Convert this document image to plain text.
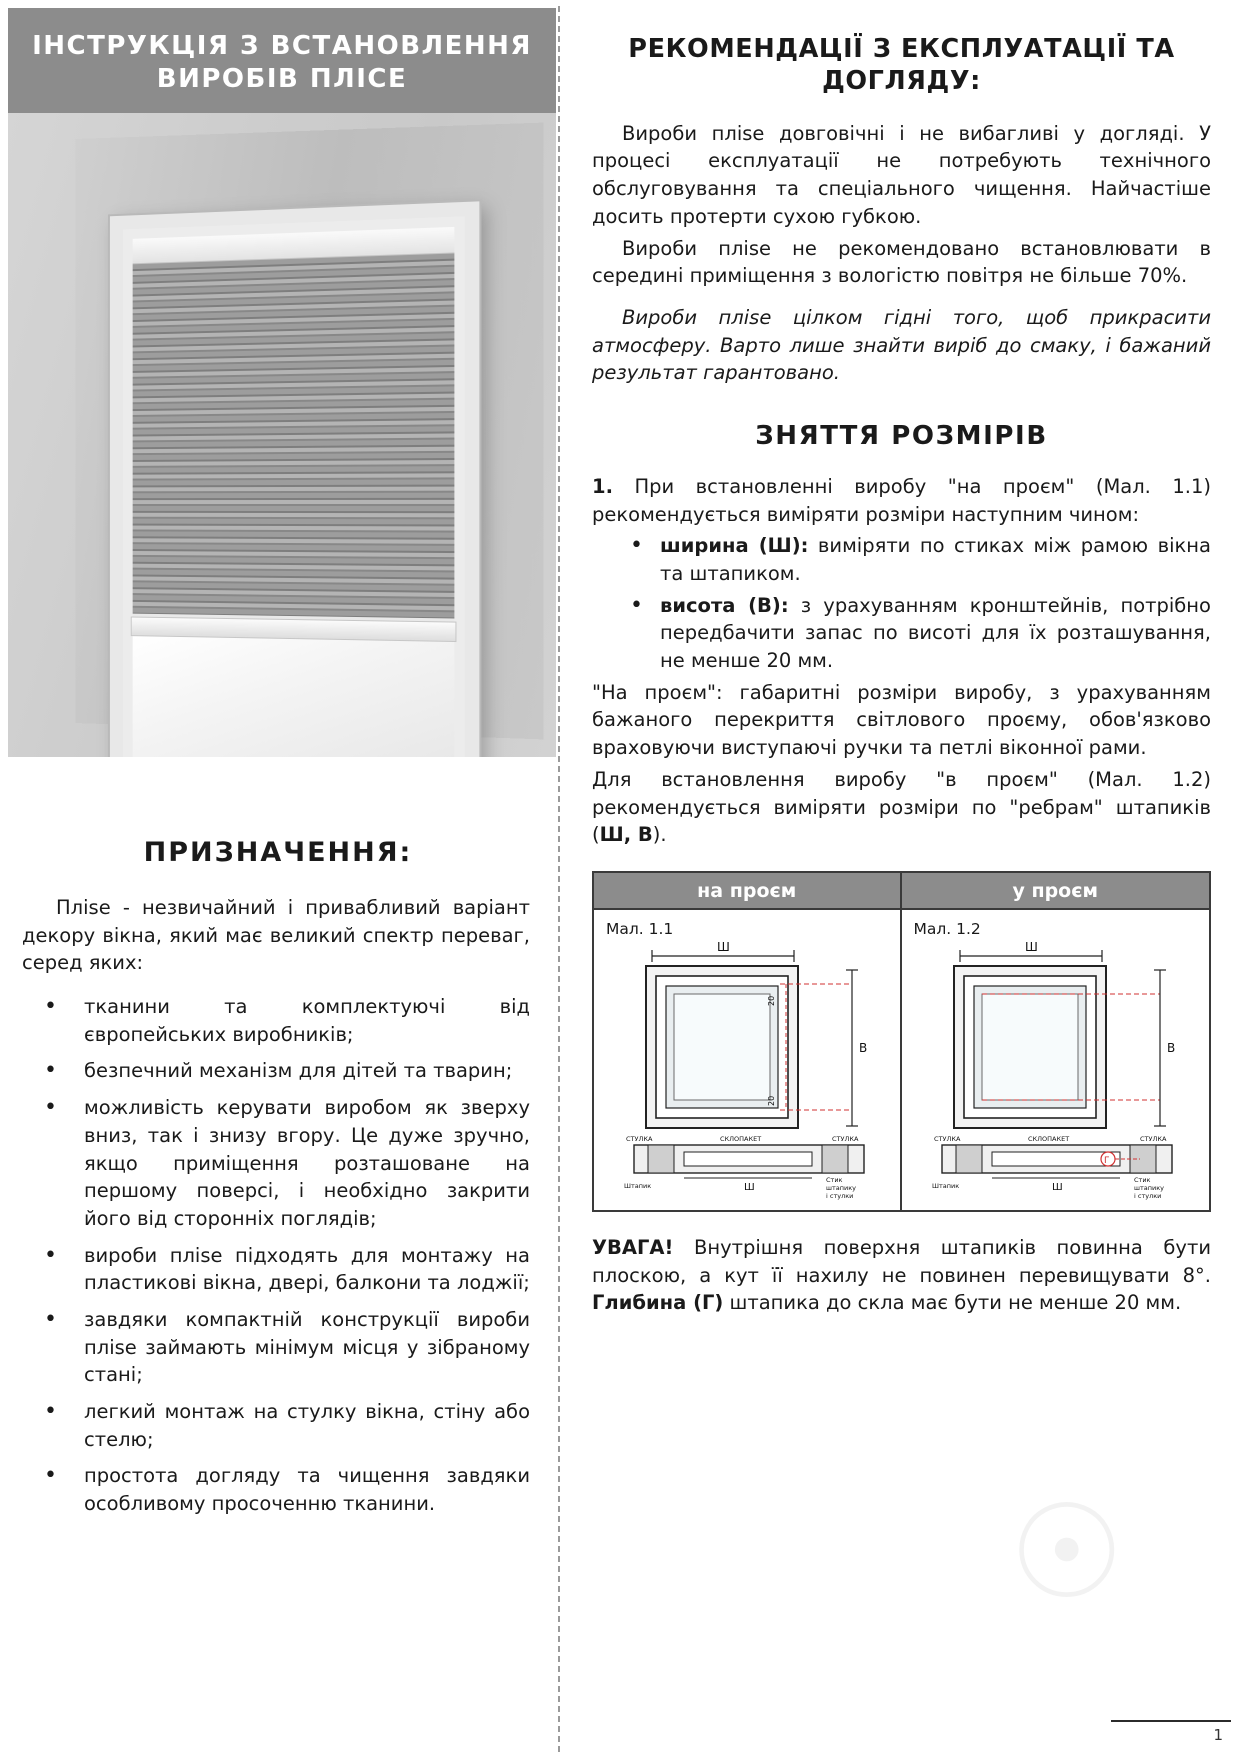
ІНСТРУКЦІЯ З ВСТАНОВЛЕННЯ ВИРОБІВ ПЛІСЕ
ПРИЗНАЧЕННЯ:

Пліse - незвичайний і привабливий варіант декору вікна, який має великий спектр переваг, серед яких:

• тканини та комплектуючі від європейських виробників;
• безпечний механізм для дітей та тварин;
• можливість керувати виробом як зверху вниз, так і знизу вгору. Це дуже зручно, якщо приміщення розташоване на першому поверсі, і необхідно закрити його від сторонніх поглядів;
• вироби пліse підходять для монтажу на пластикові вікна, двері, балкони та лоджії;
• завдяки компактній конструкції вироби пліse займають мінімум місця у зібраному стані;
• легкий монтаж на стулку вікна, стіну або стелю;
• простота догляду та чищення завдяки особливому просоченню тканини.
РЕКОМЕНДАЦІЇ З ЕКСПЛУАТАЦІЇ ТА ДОГЛЯДУ:

Вироби пліse довговічні і не вибагливі у догляді. У процесі експлуатації не потребують технічного обслуговування та спеціального чищення. Найчастіше досить протерти сухою губкою.

Вироби пліse не рекомендовано встановлювати в середині приміщення з вологістю повітря не більше 70%.

Вироби пліse цілком гідні того, щоб прикрасити атмосферу. Варто лише знайти виріб до смаку, і бажаний результат гарантовано.

ЗНЯТТЯ РОЗМІРІВ

1. При встановленні виробу "на проєм" (Мал. 1.1) рекомендується виміряти розміри наступним чином:

• ширина (Ш): виміряти по стиках між рамою вікна та штапиком.
• висота (В): з урахуванням кронштейнів, потрібно передбачити запас по висоті для їх розташування, не менше 20 мм.

"На проєм": габаритні розміри виробу, з урахуванням бажаного перекриття світлового проєму, обов'язково враховуючи виступаючі ручки та петлі віконної рами.

Для встановлення виробу "в проєм" (Мал. 1.2) рекомендується виміряти розміри по "ребрам" штапиків (Ш, В).

на проєм
Мал. 1.1
Ш
20
20
В
СТУЛКА	СКЛОПАКЕТ	СТУЛКА
Штапик	Ш
Стик
штапику
і стулки
у проєм
Мал. 1.2
Ш
В
Г
СТУЛКА	СКЛОПАКЕТ	СТУЛКА
Штапик	Ш
Стик
штапику
і стулки

УВАГА! Внутрішня поверхня штапиків повинна бути плоскою, а кут її нахилу не повинен перевищувати 8°. Глибина (Г) штапика до скла має бути не менше 20 мм.

☉
1
